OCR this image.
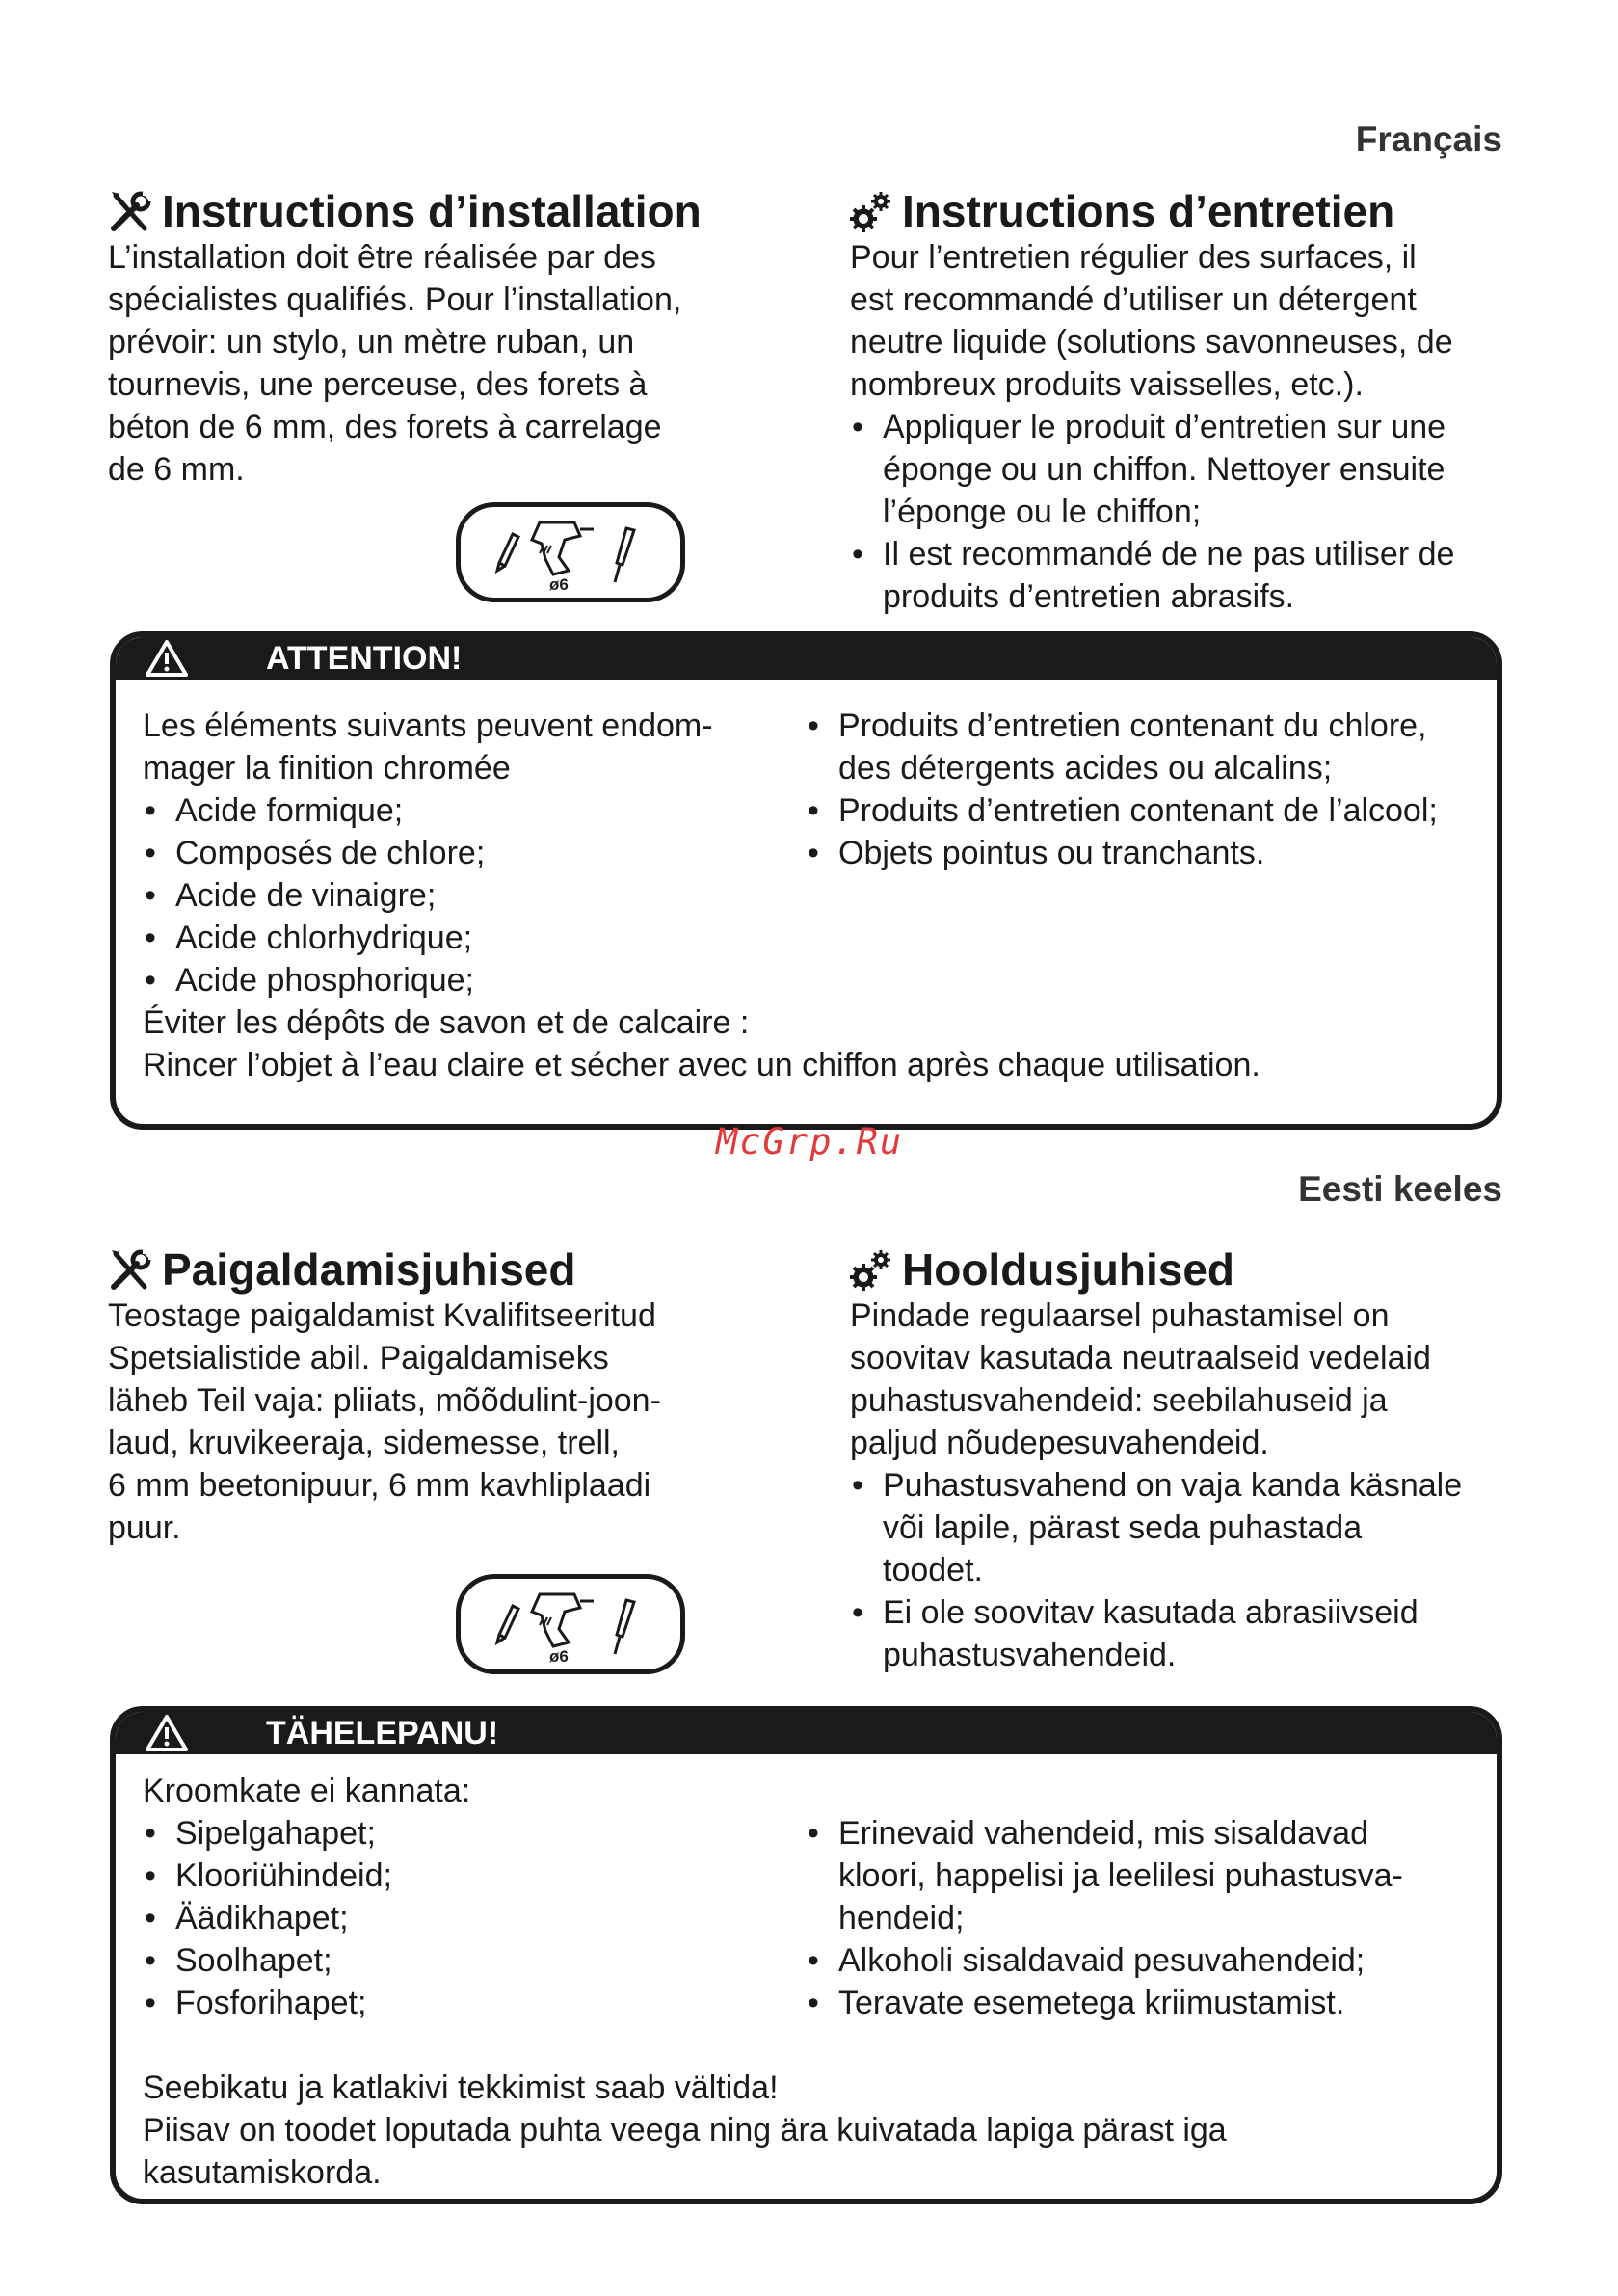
Français
Instructions d’installation

L’installation doit être réalisée par des
spécialistes qualifiés. Pour l’installation,
prévoir: un stylo, un mètre ruban, un
tournevis, une perceuse, des forets à
béton de 6 mm, des forets à carrelage
de 6 mm.

ø6
Instructions d’entretien

Pour l’entretien régulier des surfaces, il
est recommandé d’utiliser un détergent
neutre liquide (solutions savonneuses, de
nombreux produits vaisselles, etc.).

• Appliquer le produit d’entretien sur une
éponge ou un chiffon. Nettoyer ensuite
l’éponge ou le chiffon;
• Il est recommandé de ne pas utiliser de
produits d’entretien abrasifs.
ATTENTION!

Les éléments suivants peuvent endom-
mager la finition chromée

• Acide formique;
• Composés de chlore;
• Acide de vinaigre;
• Acide chlorhydrique;
• Acide phosphorique;
• Produits d’entretien contenant du chlore,
des détergents acides ou alcalins;
• Produits d’entretien contenant de l’alcool;
• Objets pointus ou tranchants.

Éviter les dépôts de savon et de calcaire :
Rincer l’objet à l’eau claire et sécher avec un chiffon après chaque utilisation.

McGrp.Ru
Eesti keeles
Paigaldamisjuhised

Teostage paigaldamist Kvalifitseeritud
Spetsialistide abil. Paigaldamiseks
läheb Teil vaja: pliiats, mõõdulint-joon-
laud, kruvikeeraja, sidemesse, trell,
6 mm beetonipuur, 6 mm kavhliplaadi
puur.

ø6
Hooldusjuhised

Pindade regulaarsel puhastamisel on
soovitav kasutada neutraalseid vedelaid
puhastusvahendeid: seebilahuseid ja
paljud nõudepesuvahendeid.

• Puhastusvahend on vaja kanda käsnale
või lapile, pärast seda puhastada
toodet.
• Ei ole soovitav kasutada abrasiivseid
puhastusvahendeid.
TÄHELEPANU!

Kroomkate ei kannata:

• Sipelgahapet;
• Klooriühindeid;
• Äädikhapet;
• Soolhapet;
• Fosforihapet;
• Erinevaid vahendeid, mis sisaldavad
kloori, happelisi ja leelilesi puhastusva-
hendeid;
• Alkoholi sisaldavaid pesuvahendeid;
• Teravate esemetega kriimustamist.

Seebikatu ja katlakivi tekkimist saab vältida!
Piisav on toodet loputada puhta veega ning ära kuivatada lapiga pärast iga
kasutamiskorda.
